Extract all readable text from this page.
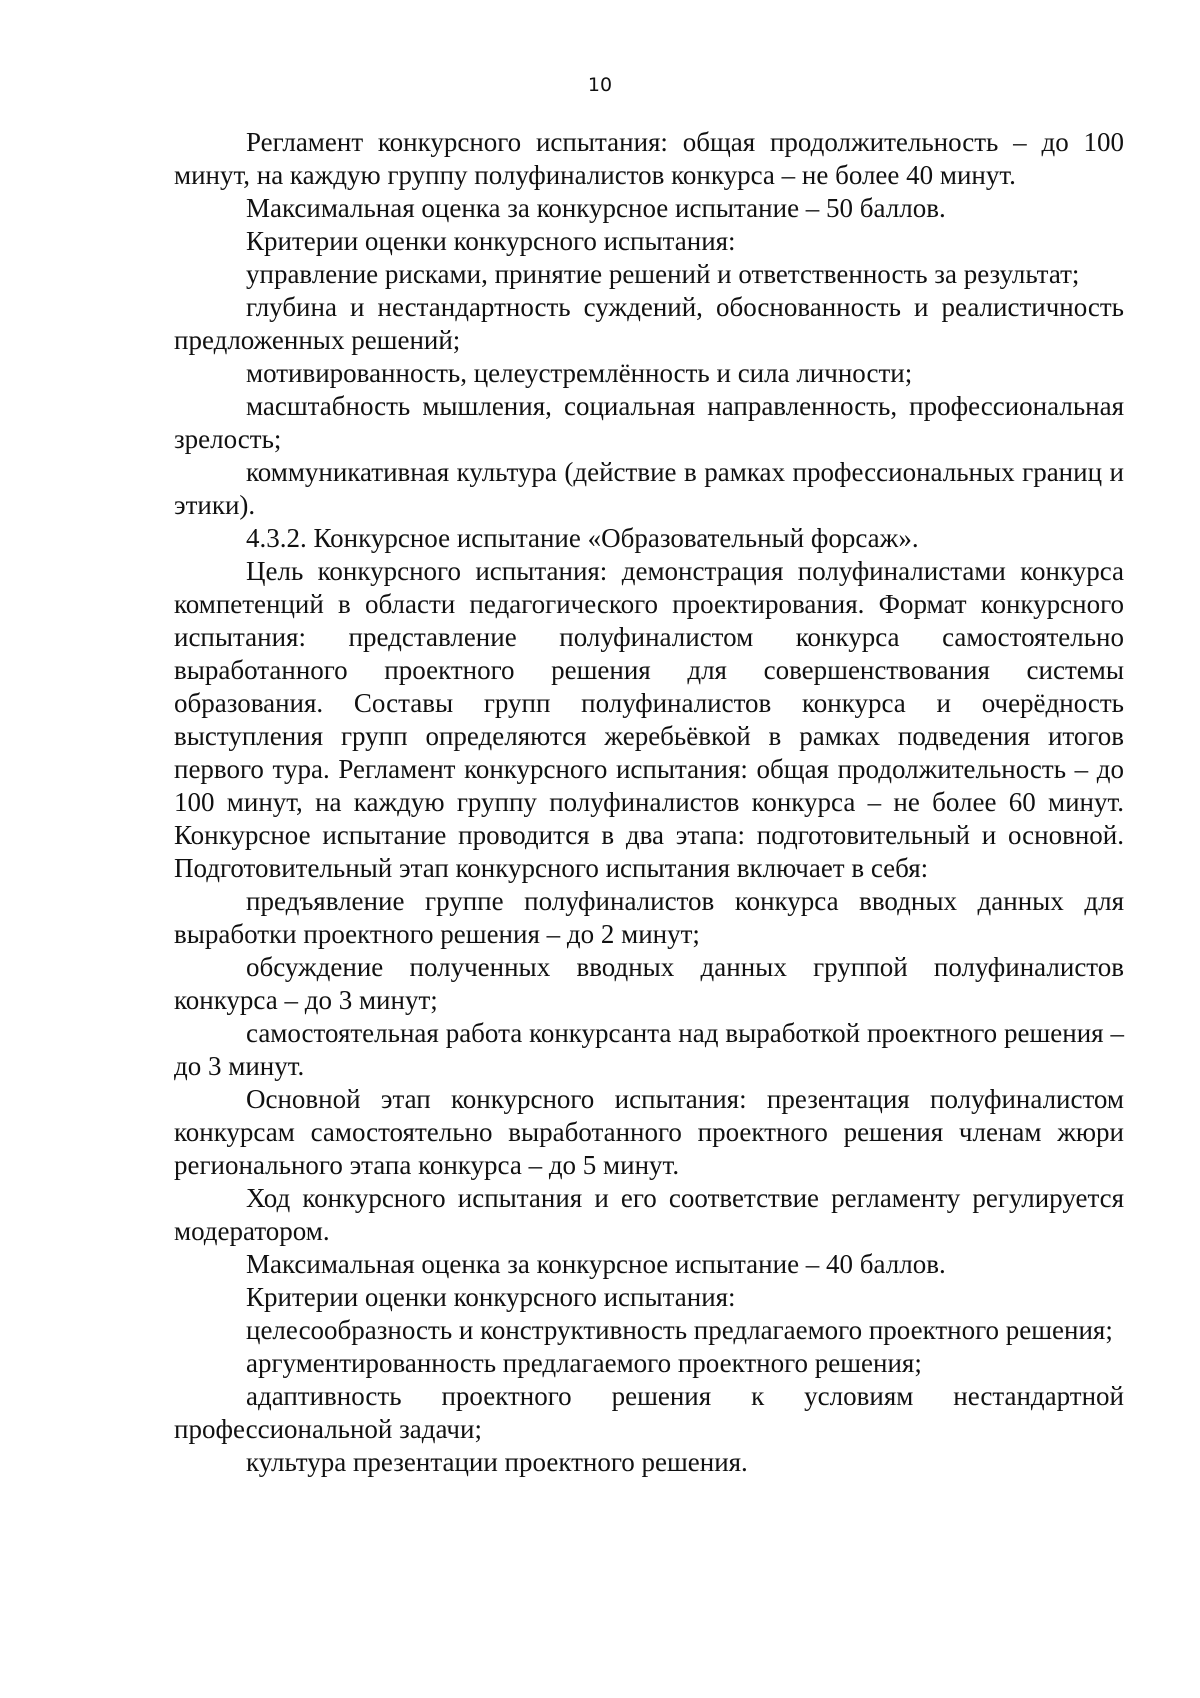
10

Регламент конкурсного испытания: общая продолжительность – до 100 минут, на каждую группу полуфиналистов конкурса – не более 40 минут.

Максимальная оценка за конкурсное испытание – 50 баллов.

Критерии оценки конкурсного испытания:

управление рисками, принятие решений и ответственность за результат;

глубина и нестандартность суждений, обоснованность и реалистичность предложенных решений;

мотивированность, целеустремлённость и сила личности;

масштабность мышления, социальная направленность, профессиональная зрелость;

коммуникативная культура (действие в рамках профессиональных границ и этики).

4.3.2. Конкурсное испытание «Образовательный форсаж».

Цель конкурсного испытания: демонстрация полуфиналистами конкурса компетенций в области педагогического проектирования. Формат конкурсного испытания: представление полуфиналистом конкурса самостоятельно выработанного проектного решения для совершенствования системы образования. Составы групп полуфиналистов конкурса и очерёдность выступления групп определяются жеребьёвкой в рамках подведения итогов первого тура. Регламент конкурсного испытания: общая продолжительность – до 100 минут, на каждую группу полуфиналистов конкурса – не более 60 минут. Конкурсное испытание проводится в два этапа: подготовительный и основной. Подготовительный этап конкурсного испытания включает в себя:

предъявление группе полуфиналистов конкурса вводных данных для выработки проектного решения – до 2 минут;

обсуждение полученных вводных данных группой полуфиналистов конкурса – до 3 минут;

самостоятельная работа конкурсанта над выработкой проектного решения – до 3 минут.

Основной этап конкурсного испытания: презентация полуфиналистом конкурсам самостоятельно выработанного проектного решения членам жюри регионального этапа конкурса – до 5 минут.

Ход конкурсного испытания и его соответствие регламенту регулируется модератором.

Максимальная оценка за конкурсное испытание – 40 баллов.

Критерии оценки конкурсного испытания:

целесообразность и конструктивность предлагаемого проектного решения;

аргументированность предлагаемого проектного решения;

адаптивность проектного решения к условиям нестандартной профессиональной задачи;

культура презентации проектного решения.
